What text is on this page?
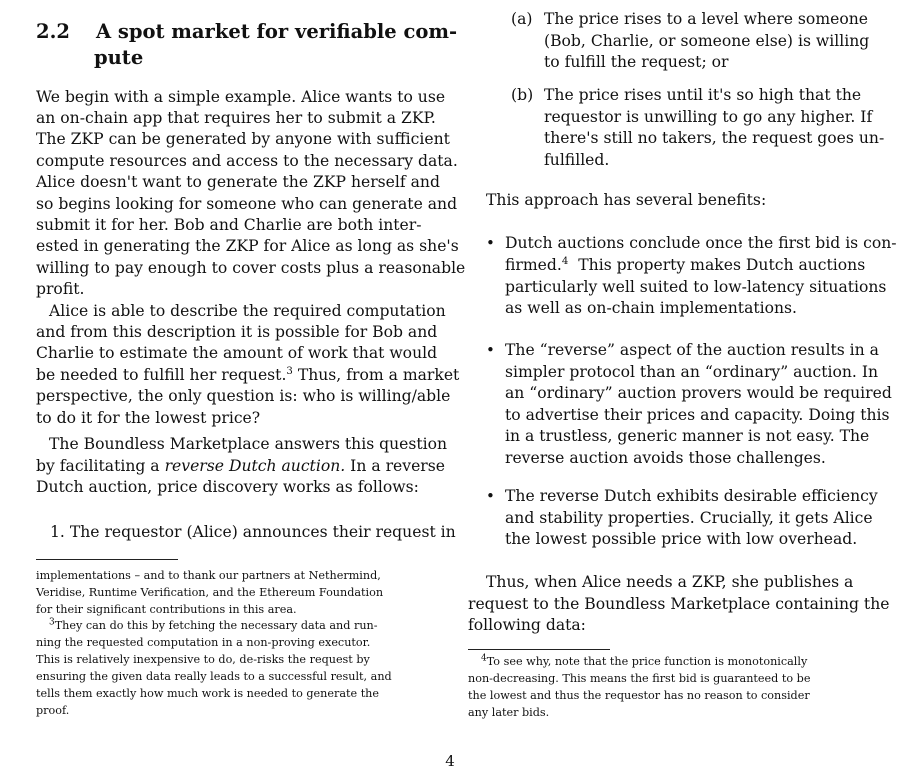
2.2 A spot market for verifiable com-
pute
We begin with a simple example. Alice wants to use
an on-chain app that requires her to submit a ZKP.
The ZKP can be generated by anyone with sufficient
compute resources and access to the necessary data.
Alice doesn't want to generate the ZKP herself and
so begins looking for someone who can generate and
submit it for her. Bob and Charlie are both inter-
ested in generating the ZKP for Alice as long as she's
willing to pay enough to cover costs plus a reasonable
profit.
Alice is able to describe the required computation
and from this description it is possible for Bob and
Charlie to estimate the amount of work that would
be needed to fulfill her request.$^3$ Thus, from a market
perspective, the only question is: who is willing/able
to do it for the lowest price?
The Boundless Marketplace answers this question
by facilitating a reverse Dutch auction. In a reverse
Dutch auction, price discovery works as follows:
1. The requestor (Alice) announces their request in
implementations – and to thank our partners at Nethermind,
Veridise, Runtime Verification, and the Ethereum Foundation
for their significant contributions in this area.
$^3$They can do this by fetching the necessary data and run-
ning the requested computation in a non-proving executor.
This is relatively inexpensive to do, de-risks the request by
ensuring the given data really leads to a successful result, and
tells them exactly how much work is needed to generate the
proof.
(a) The price rises to a level where someone
(Bob, Charlie, or someone else) is willing
to fulfill the request; or
(b) The price rises until it's so high that the
requestor is unwilling to go any higher. If
there's still no takers, the request goes un-
fulfilled.
This approach has several benefits:
• Dutch auctions conclude once the first bid is con-
firmed.$^4$ This property makes Dutch auctions
particularly well suited to low-latency situations
as well as on-chain implementations.
• The “reverse” aspect of the auction results in a
simpler protocol than an “ordinary” auction. In
an “ordinary” auction provers would be required
to advertise their prices and capacity. Doing this
in a trustless, generic manner is not easy. The
reverse auction avoids those challenges.
• The reverse Dutch exhibits desirable efficiency
and stability properties. Crucially, it gets Alice
the lowest possible price with low overhead.
Thus, when Alice needs a ZKP, she publishes a
request to the Boundless Marketplace containing the
following data:
$^4$To see why, note that the price function is monotonically
non-decreasing. This means the first bid is guaranteed to be
the lowest and thus the requestor has no reason to consider
any later bids.
4
